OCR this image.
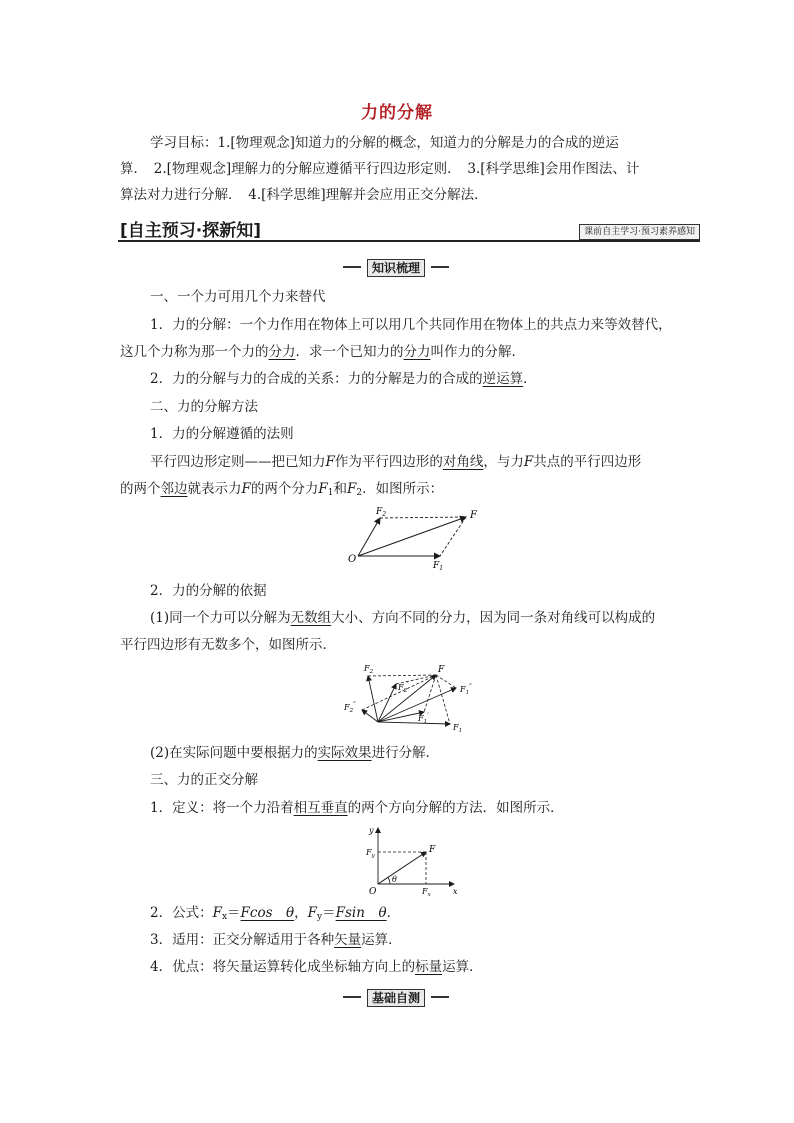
力的分解
学习目标：1.[物理观念]知道力的分解的概念，知道力的分解是力的合成的逆运
算．　2.[物理观念]理解力的分解应遵循平行四边形定则．　3.[科学思维]会用作图法、计
算法对力进行分解．　4.[科学思维]理解并会应用正交分解法．
[自主预习·探新知]	课前自主学习·预习素养感知
知识梳理
一、一个力可用几个力来替代
1．力的分解：一个力作用在物体上可以用几个共同作用在物体上的共点力来等效替代，
这几个力称为那一个力的分力．求一个已知力的分力叫作力的分解．
2．力的分解与力的合成的关系：力的分解是力的合成的逆运算．
二、力的分解方法
1．力的分解遵循的法则
平行四边形定则——把已知力F作为平行四边形的对角线，与力F共点的平行四边形
的两个邻边就表示力F的两个分力$F_1$和$F_2$．如图所示：
O
F
$F_2$
$F_1$
2．力的分解的依据
(1)同一个力可以分解为无数组大小、方向不同的分力，因为同一条对角线可以构成的
平行四边形有无数多个，如图所示．
F
$F_2$
$F_1$
$F_2'$
$F_1'$
$F_2''$
$F_1''$
(2)在实际问题中要根据力的实际效果进行分解．
三、力的正交分解
1．定义：将一个力沿着相互垂直的两个方向分解的方法．如图所示．
y
x
O
F
θ
$F_y$
$F_x$
2．公式：$F_x=Fcos$　θ，$F_y=Fsin$　θ．
3．适用：正交分解适用于各种矢量运算．
4．优点：将矢量运算转化成坐标轴方向上的标量运算．
基础自测
